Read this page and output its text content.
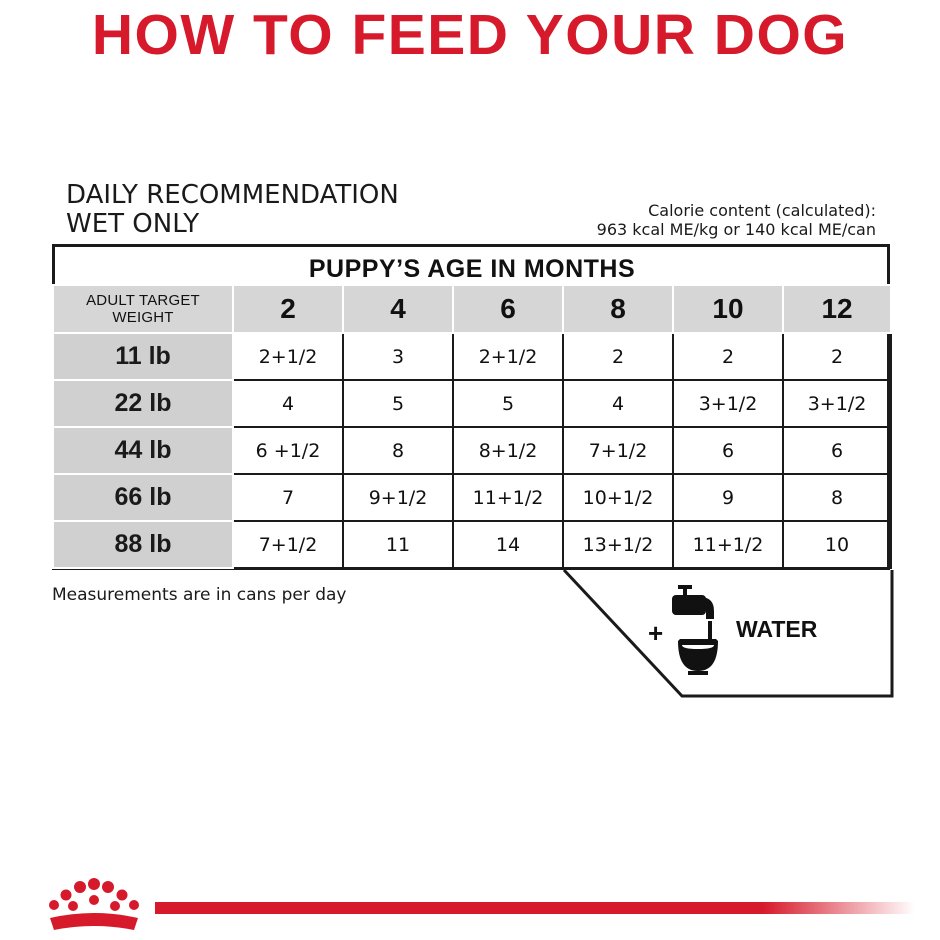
HOW TO FEED YOUR DOG
DAILY RECOMMENDATION
WET ONLY	Calorie content (calculated):
963 kcal ME/kg or 140 kcal ME/can
PUPPY’S AGE IN MONTHS						
ADULT TARGET WEIGHT	2	4	6	8	10	12
11 lb	2+1/2	3	2+1/2	2	2	2
22 lb	4	5	5	4	3+1/2	3+1/2
44 lb	6 +1/2	8	8+1/2	7+1/2	6	6
66 lb	7	9+1/2	11+1/2	10+1/2	9	8
88 lb	7+1/2	11	14	13+1/2	11+1/2	10
Measurements are in cans per day
+	WATER
